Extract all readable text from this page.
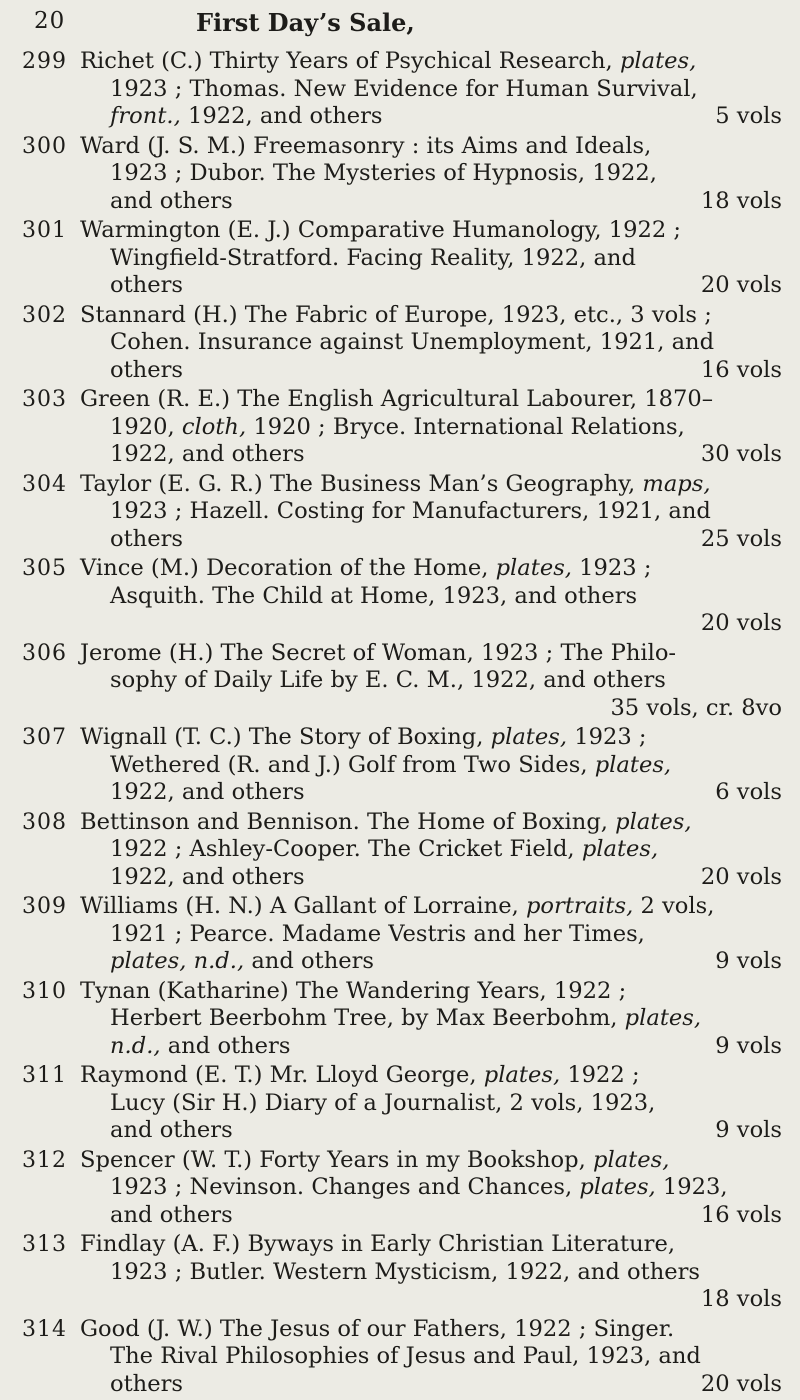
20	First Day’s Sale,
299 Richet (C.) Thirty Years of Psychical Research, plates,
1923 ; Thomas. New Evidence for Human Survival,
front., 1922, and others	5 vols
300 Ward (J. S. M.) Freemasonry : its Aims and Ideals,
1923 ; Dubor. The Mysteries of Hypnosis, 1922,
and others	18 vols
301 Warmington (E. J.) Comparative Humanology, 1922 ;
Wingfield-Stratford. Facing Reality, 1922, and
others	20 vols
302 Stannard (H.) The Fabric of Europe, 1923, etc., 3 vols ;
Cohen. Insurance against Unemployment, 1921, and
others	16 vols
303 Green (R. E.) The English Agricultural Labourer, 1870–
1920, cloth, 1920 ; Bryce. International Relations,
1922, and others	30 vols
304 Taylor (E. G. R.) The Business Man’s Geography, maps,
1923 ; Hazell. Costing for Manufacturers, 1921, and
others	25 vols
305 Vince (M.) Decoration of the Home, plates, 1923 ;
Asquith. The Child at Home, 1923, and others
20 vols
306 Jerome (H.) The Secret of Woman, 1923 ; The Philo-
sophy of Daily Life by E. C. M., 1922, and others
35 vols, cr. 8vo
307 Wignall (T. C.) The Story of Boxing, plates, 1923 ;
Wethered (R. and J.) Golf from Two Sides, plates,
1922, and others	6 vols
308 Bettinson and Bennison. The Home of Boxing, plates,
1922 ; Ashley-Cooper. The Cricket Field, plates,
1922, and others	20 vols
309 Williams (H. N.) A Gallant of Lorraine, portraits, 2 vols,
1921 ; Pearce. Madame Vestris and her Times,
plates, n.d., and others	9 vols
310 Tynan (Katharine) The Wandering Years, 1922 ;
Herbert Beerbohm Tree, by Max Beerbohm, plates,
n.d., and others	9 vols
311 Raymond (E. T.) Mr. Lloyd George, plates, 1922 ;
Lucy (Sir H.) Diary of a Journalist, 2 vols, 1923,
and others	9 vols
312 Spencer (W. T.) Forty Years in my Bookshop, plates,
1923 ; Nevinson. Changes and Chances, plates, 1923,
and others	16 vols
313 Findlay (A. F.) Byways in Early Christian Literature,
1923 ; Butler. Western Mysticism, 1922, and others
18 vols
314 Good (J. W.) The Jesus of our Fathers, 1922 ; Singer.
The Rival Philosophies of Jesus and Paul, 1923, and
others	20 vols
